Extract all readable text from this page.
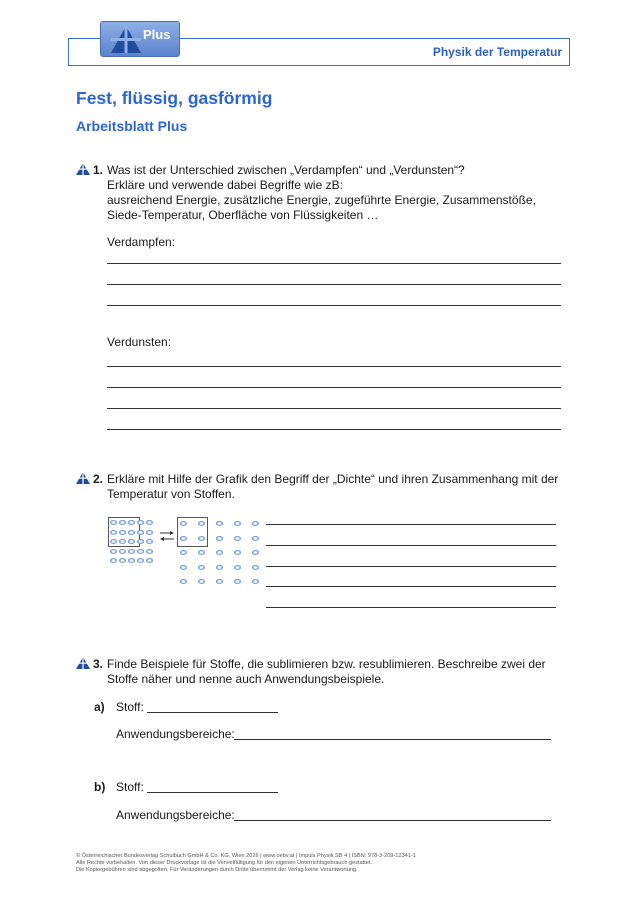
Plus
Physik der Temperatur
Fest, flüssig, gasförmig
Arbeitsblatt Plus
1. Was ist der Unterschied zwischen „Verdampfen“ und „Verdunsten“?
Erkläre und verwende dabei Begriffe wie zB:
ausreichend Energie, zusätzliche Energie, zugeführte Energie, Zusammenstöße,
Siede-Temperatur, Oberfläche von Flüssigkeiten …
Verdampfen:
Verdunsten:
2. Erkläre mit Hilfe der Grafik den Begriff der „Dichte“ und ihren Zusammenhang mit der
Temperatur von Stoffen.
3. Finde Beispiele für Stoffe, die sublimieren bzw. resublimieren. Beschreibe zwei der
Stoffe näher und nenne auch Anwendungsbeispiele.
a) Stoff:
Anwendungsbereiche:
b) Stoff:
Anwendungsbereiche:
© Österreichischer Bundesverlag Schulbuch GmbH & Co. KG, Wien 2026 | www.oebv.at | Impuls Physik SB 4 | ISBN: 978-3-209-12341-1
Alle Rechte vorbehalten. Von dieser Druckvorlage ist die Vervielfältigung für den eigenen Unterrichtsgebrauch gestattet.
Die Kopiergebühren sind abgegolten. Für Veränderungen durch Dritte übernimmt der Verlag keine Verantwortung.
